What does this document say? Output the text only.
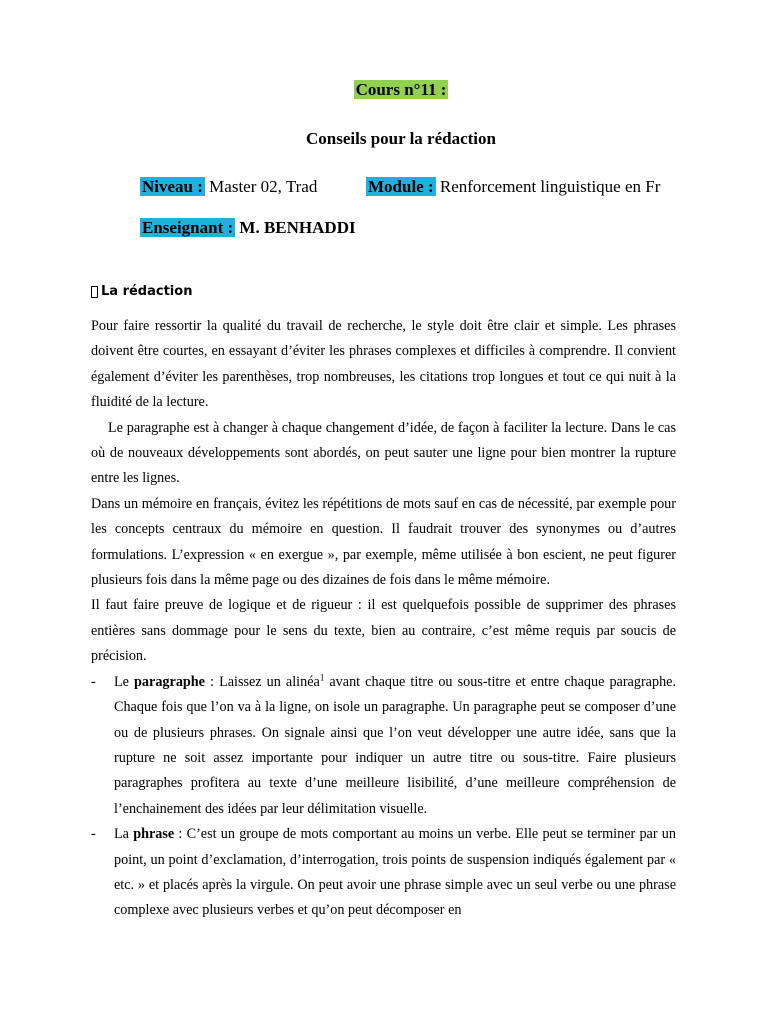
Cours n°11 :
Conseils pour la rédaction
Niveau : Master 02, Trad	Module : Renforcement linguistique en Fr
Enseignant : M. BENHADDI
La rédaction

Pour faire ressortir la qualité du travail de recherche, le style doit être clair et simple. Les phrases doivent être courtes, en essayant d’éviter les phrases complexes et difficiles à comprendre. Il convient également d’éviter les parenthèses, trop nombreuses, les citations trop longues et tout ce qui nuit à la fluidité de la lecture.

Le paragraphe est à changer à chaque changement d’idée, de façon à faciliter la lecture. Dans le cas où de nouveaux développements sont abordés, on peut sauter une ligne pour bien montrer la rupture entre les lignes.

Dans un mémoire en français, évitez les répétitions de mots sauf en cas de nécessité, par exemple pour les concepts centraux du mémoire en question. Il faudrait trouver des synonymes ou d’autres formulations. L’expression « en exergue », par exemple, même utilisée à bon escient, ne peut figurer plusieurs fois dans la même page ou des dizaines de fois dans le même mémoire.

Il faut faire preuve de logique et de rigueur : il est quelquefois possible de supprimer des phrases entières sans dommage pour le sens du texte, bien au contraire, c’est même requis par soucis de précision.

- Le paragraphe : Laissez un alinéa$^1$ avant chaque titre ou sous-titre et entre chaque paragraphe. Chaque fois que l’on va à la ligne, on isole un paragraphe. Un paragraphe peut se composer d’une ou de plusieurs phrases. On signale ainsi que l’on veut développer une autre idée, sans que la rupture ne soit assez importante pour indiquer un autre titre ou sous-titre. Faire plusieurs paragraphes profitera au texte d’une meilleure lisibilité, d’une meilleure compréhension de l’enchainement des idées par leur délimitation visuelle.
- La phrase : C’est un groupe de mots comportant au moins un verbe. Elle peut se terminer par un point, un point d’exclamation, d’interrogation, trois points de suspension indiqués également par « etc. » et placés après la virgule. On peut avoir une phrase simple avec un seul verbe ou une phrase complexe avec plusieurs verbes et qu’on peut décomposer en
